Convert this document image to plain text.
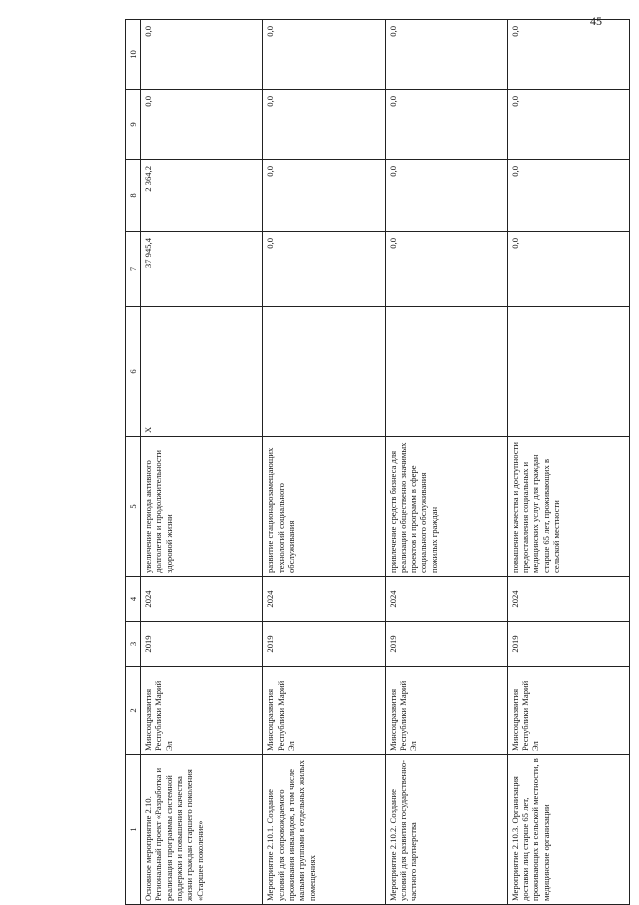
45
1	2	3	4	5	6	7	8	9	10
Основное мероприятие 2.10. Региональный проект «Разработка и реализация программы системной поддержки и повышения качества жизни граждан старшего поколения «Старшее поколение»	Минсоцразвития Республики Марий Эл	2019	2024	увеличение периода активного долголетия и продолжительности здоровой жизни	Х	37 945,4	2 364,2	0,0	0,0
Мероприятие 2.10.1. Создание условий для сопровождаемого проживания инвалидов, в том числе малыми группами в отдельных жилых помещениях	Минсоцразвития Республики Марий Эл	2019	2024	развитие стационарозамещающих технологий социального обслуживания		0,0	0,0	0,0	0,0
Мероприятие 2.10.2. Создание условий для развития государственно-частного партнерства	Минсоцразвития Республики Марий Эл	2019	2024	привлечение средств бизнеса для реализации общественно значимых проектов и программ в сфере социального обслуживания пожилых граждан		0,0	0,0	0,0	0,0
Мероприятие 2.10.3. Организация доставки лиц старше 65 лет, проживающих в сельской местности, в медицинские организации	Минсоцразвития Республики Марий Эл	2019	2024	повышение качества и доступности предоставления социальных и медицинских услуг для граждан старше 65 лет, проживающих в сельской местности		0,0	0,0	0,0	0,0
